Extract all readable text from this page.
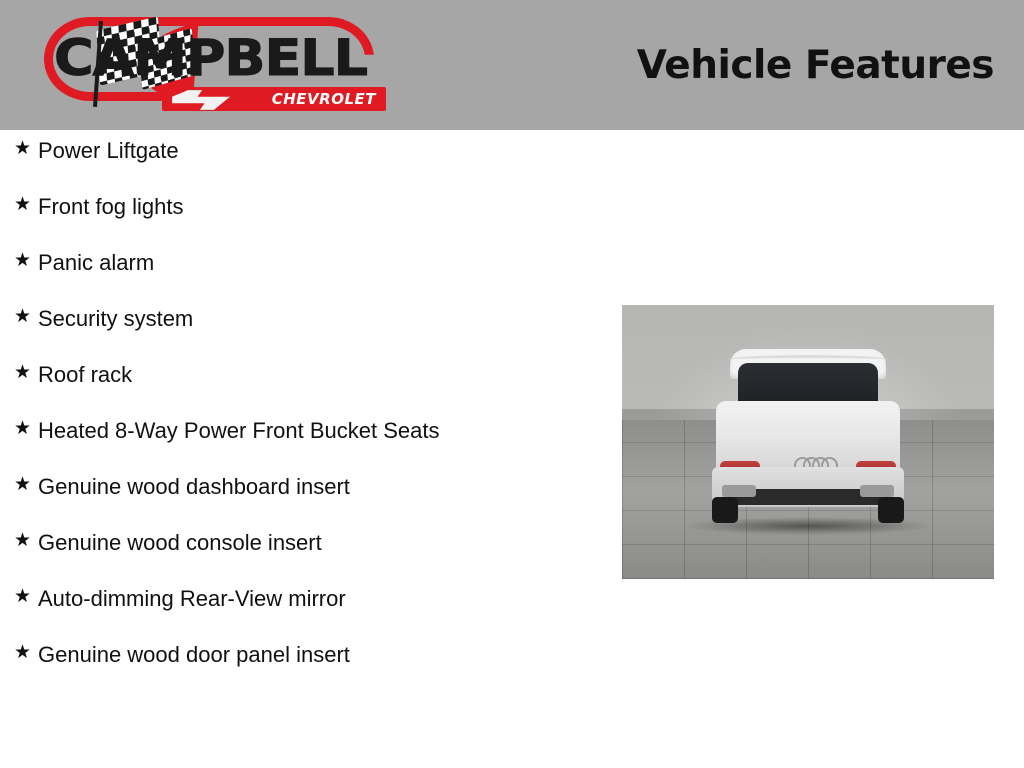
CAMPBELL
CHEVROLET
Vehicle Features
★ Power Liftgate
★ Front fog lights
★ Panic alarm
★ Security system
★ Roof rack
★ Heated 8-Way Power Front Bucket Seats
★ Genuine wood dashboard insert
★ Genuine wood console insert
★ Auto-dimming Rear-View mirror
★ Genuine wood door panel insert
